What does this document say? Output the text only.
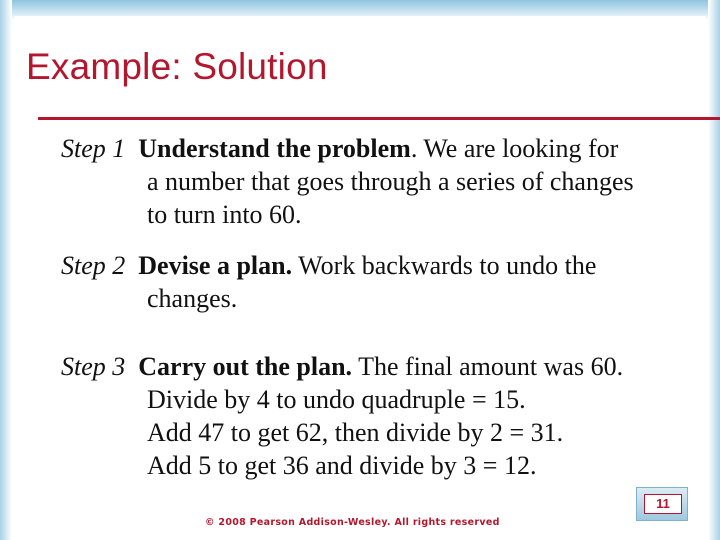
Example: Solution
Step 1 Understand the problem. We are looking for
a number that goes through a series of changes
to turn into 60.
Step 2 Devise a plan. Work backwards to undo the
changes.
Step 3 Carry out the plan. The final amount was 60.
Divide by 4 to undo quadruple = 15.
Add 47 to get 62, then divide by 2 = 31.
Add 5 to get 36 and divide by 3 = 12.
11
© 2008 Pearson Addison-Wesley. All rights reserved
